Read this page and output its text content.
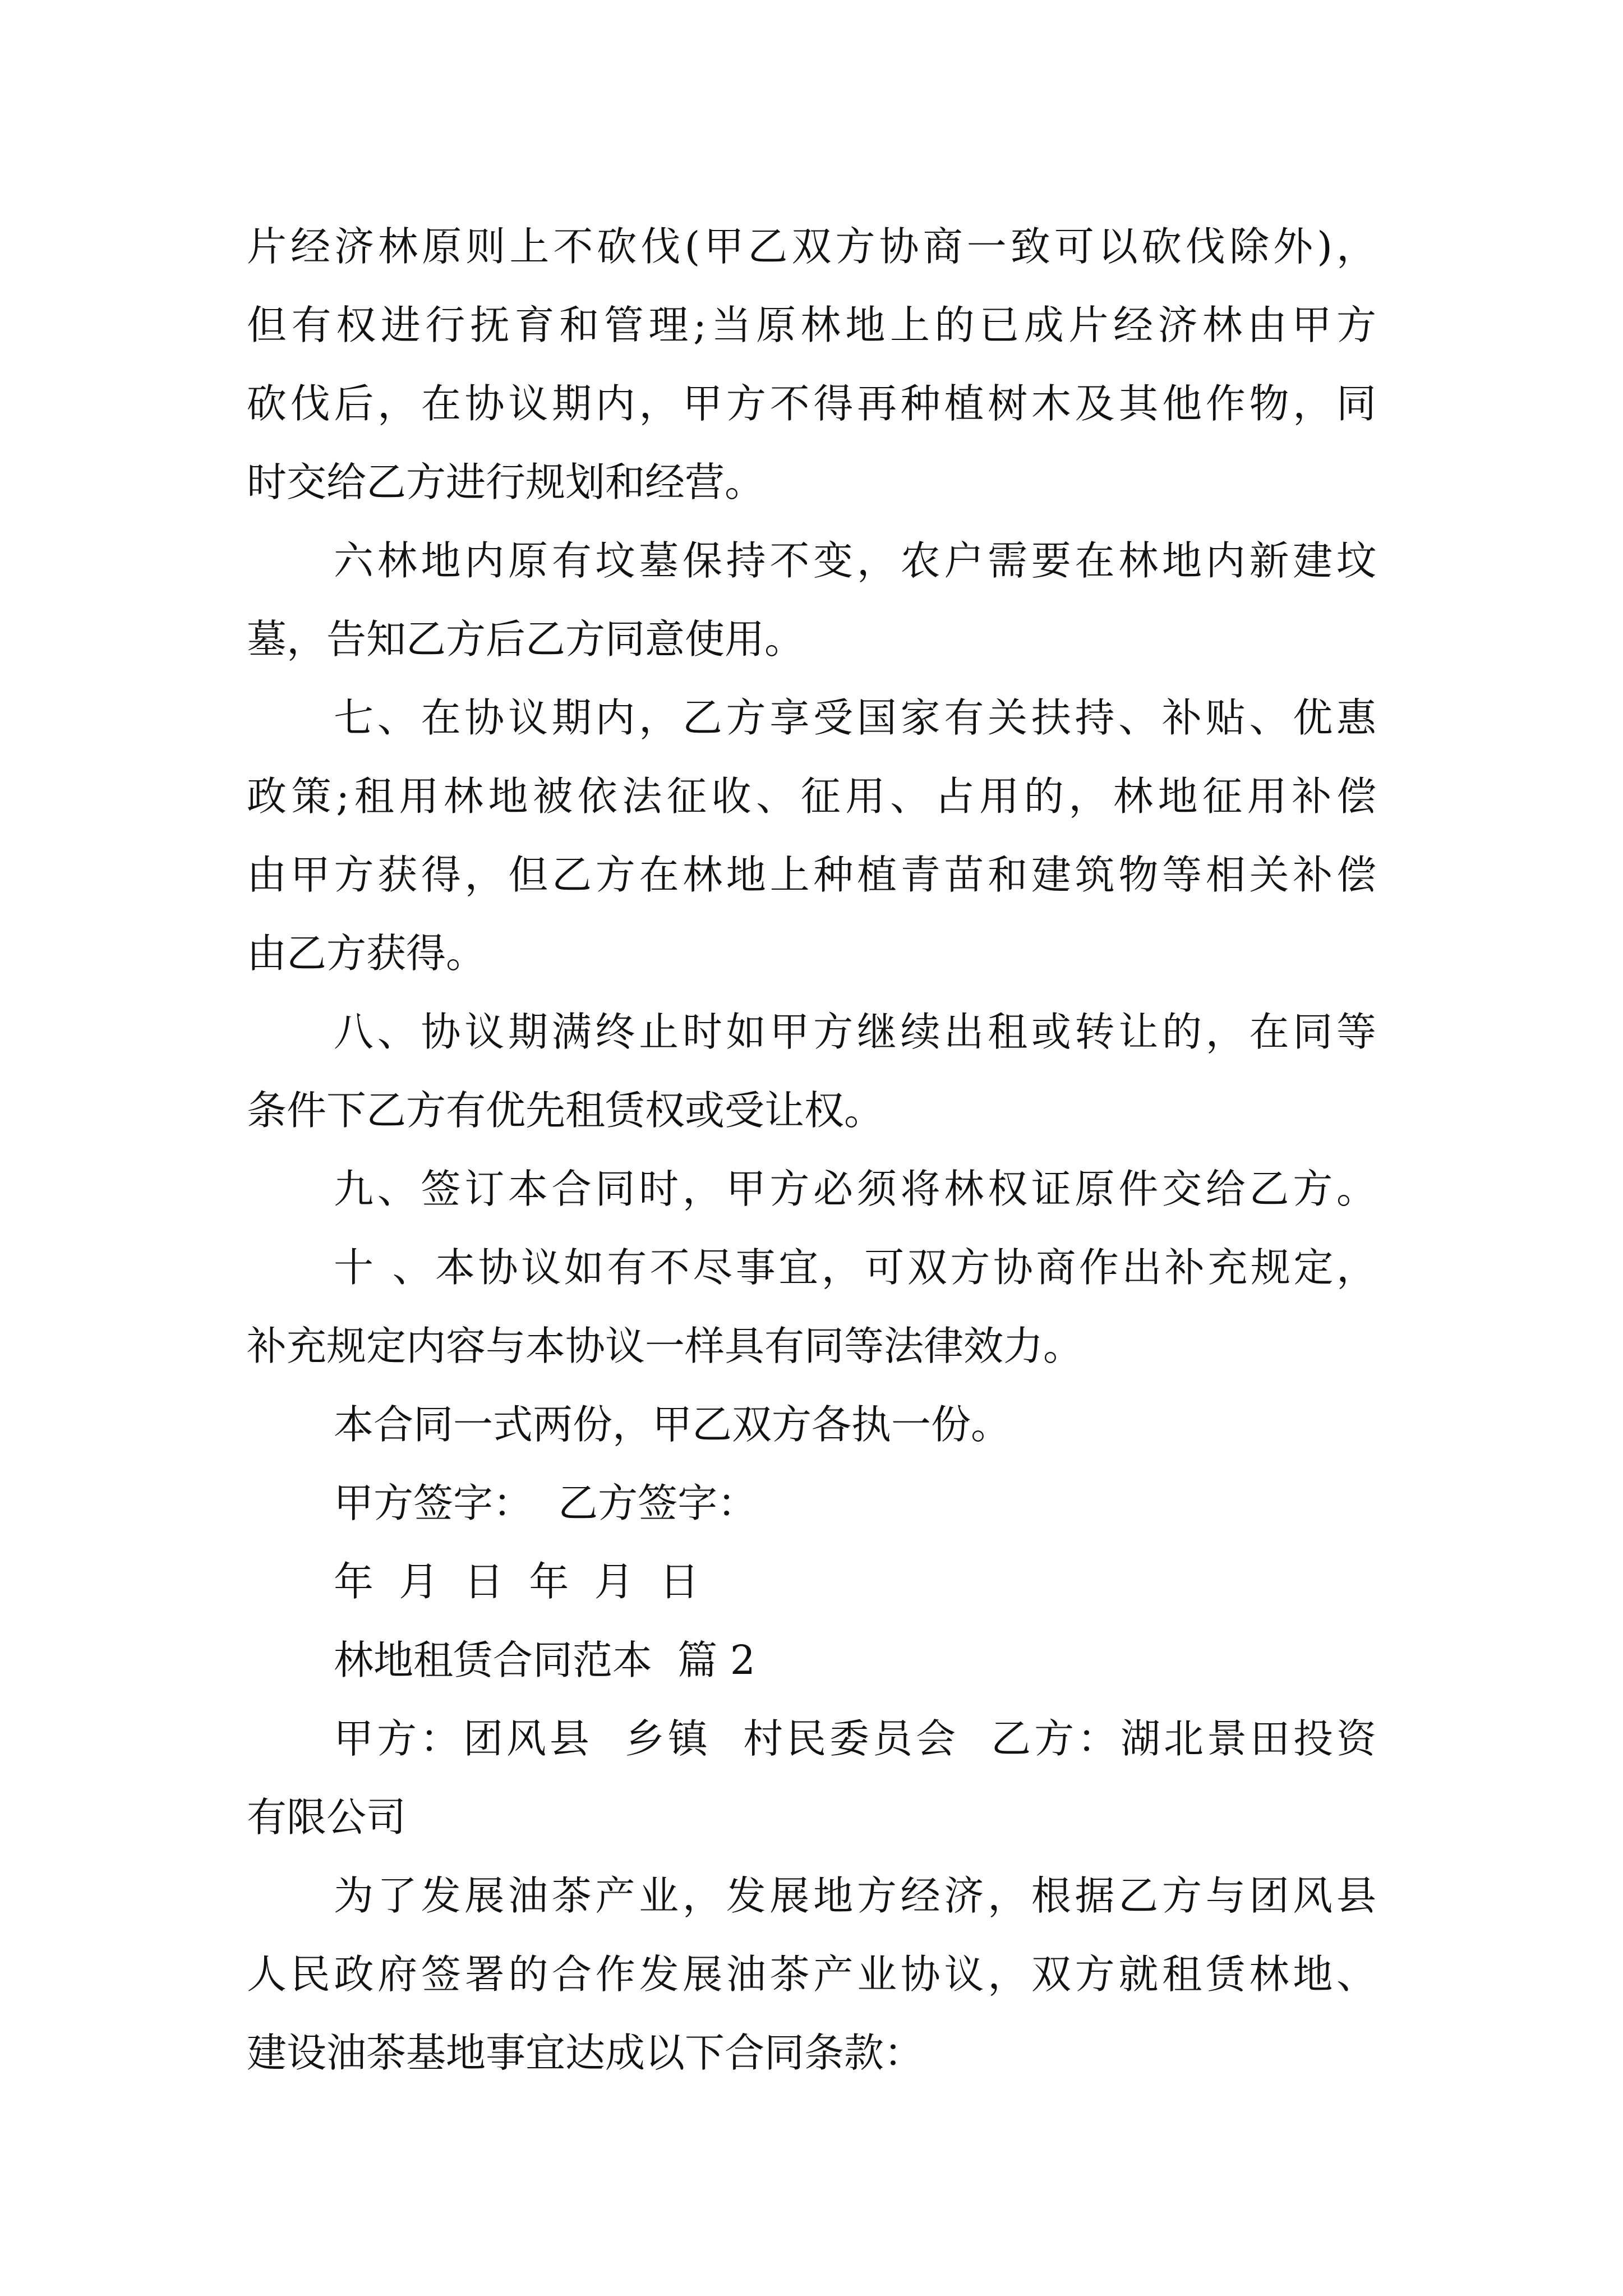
片经济林原则上不砍伐(甲乙双方协商一致可以砍伐除外)，
但有权进行抚育和管理;当原林地上的已成片经济林由甲方
砍伐后，在协议期内，甲方不得再种植树木及其他作物，同
时交给乙方进行规划和经营。
六林地内原有坟墓保持不变，农户需要在林地内新建坟
墓，告知乙方后乙方同意使用。
七、在协议期内，乙方享受国家有关扶持、补贴、优惠
政策;租用林地被依法征收、征用、占用的，林地征用补偿
由甲方获得，但乙方在林地上种植青苗和建筑物等相关补偿
由乙方获得。
八、协议期满终止时如甲方继续出租或转让的，在同等
条件下乙方有优先租赁权或受让权。
九、签订本合同时，甲方必须将林权证原件交给乙方。
十 、本协议如有不尽事宜，可双方协商作出补充规定，
补充规定内容与本协议一样具有同等法律效力。
本合同一式两份，甲乙双方各执一份。
甲方签字：  乙方签字：
年  月  日  年  月  日
林地租赁合同范本  篇 2
甲方：团风县  乡镇  村民委员会  乙方：湖北景田投资
有限公司
为了发展油茶产业，发展地方经济，根据乙方与团风县
人民政府签署的合作发展油茶产业协议，双方就租赁林地、
建设油茶基地事宜达成以下合同条款：
